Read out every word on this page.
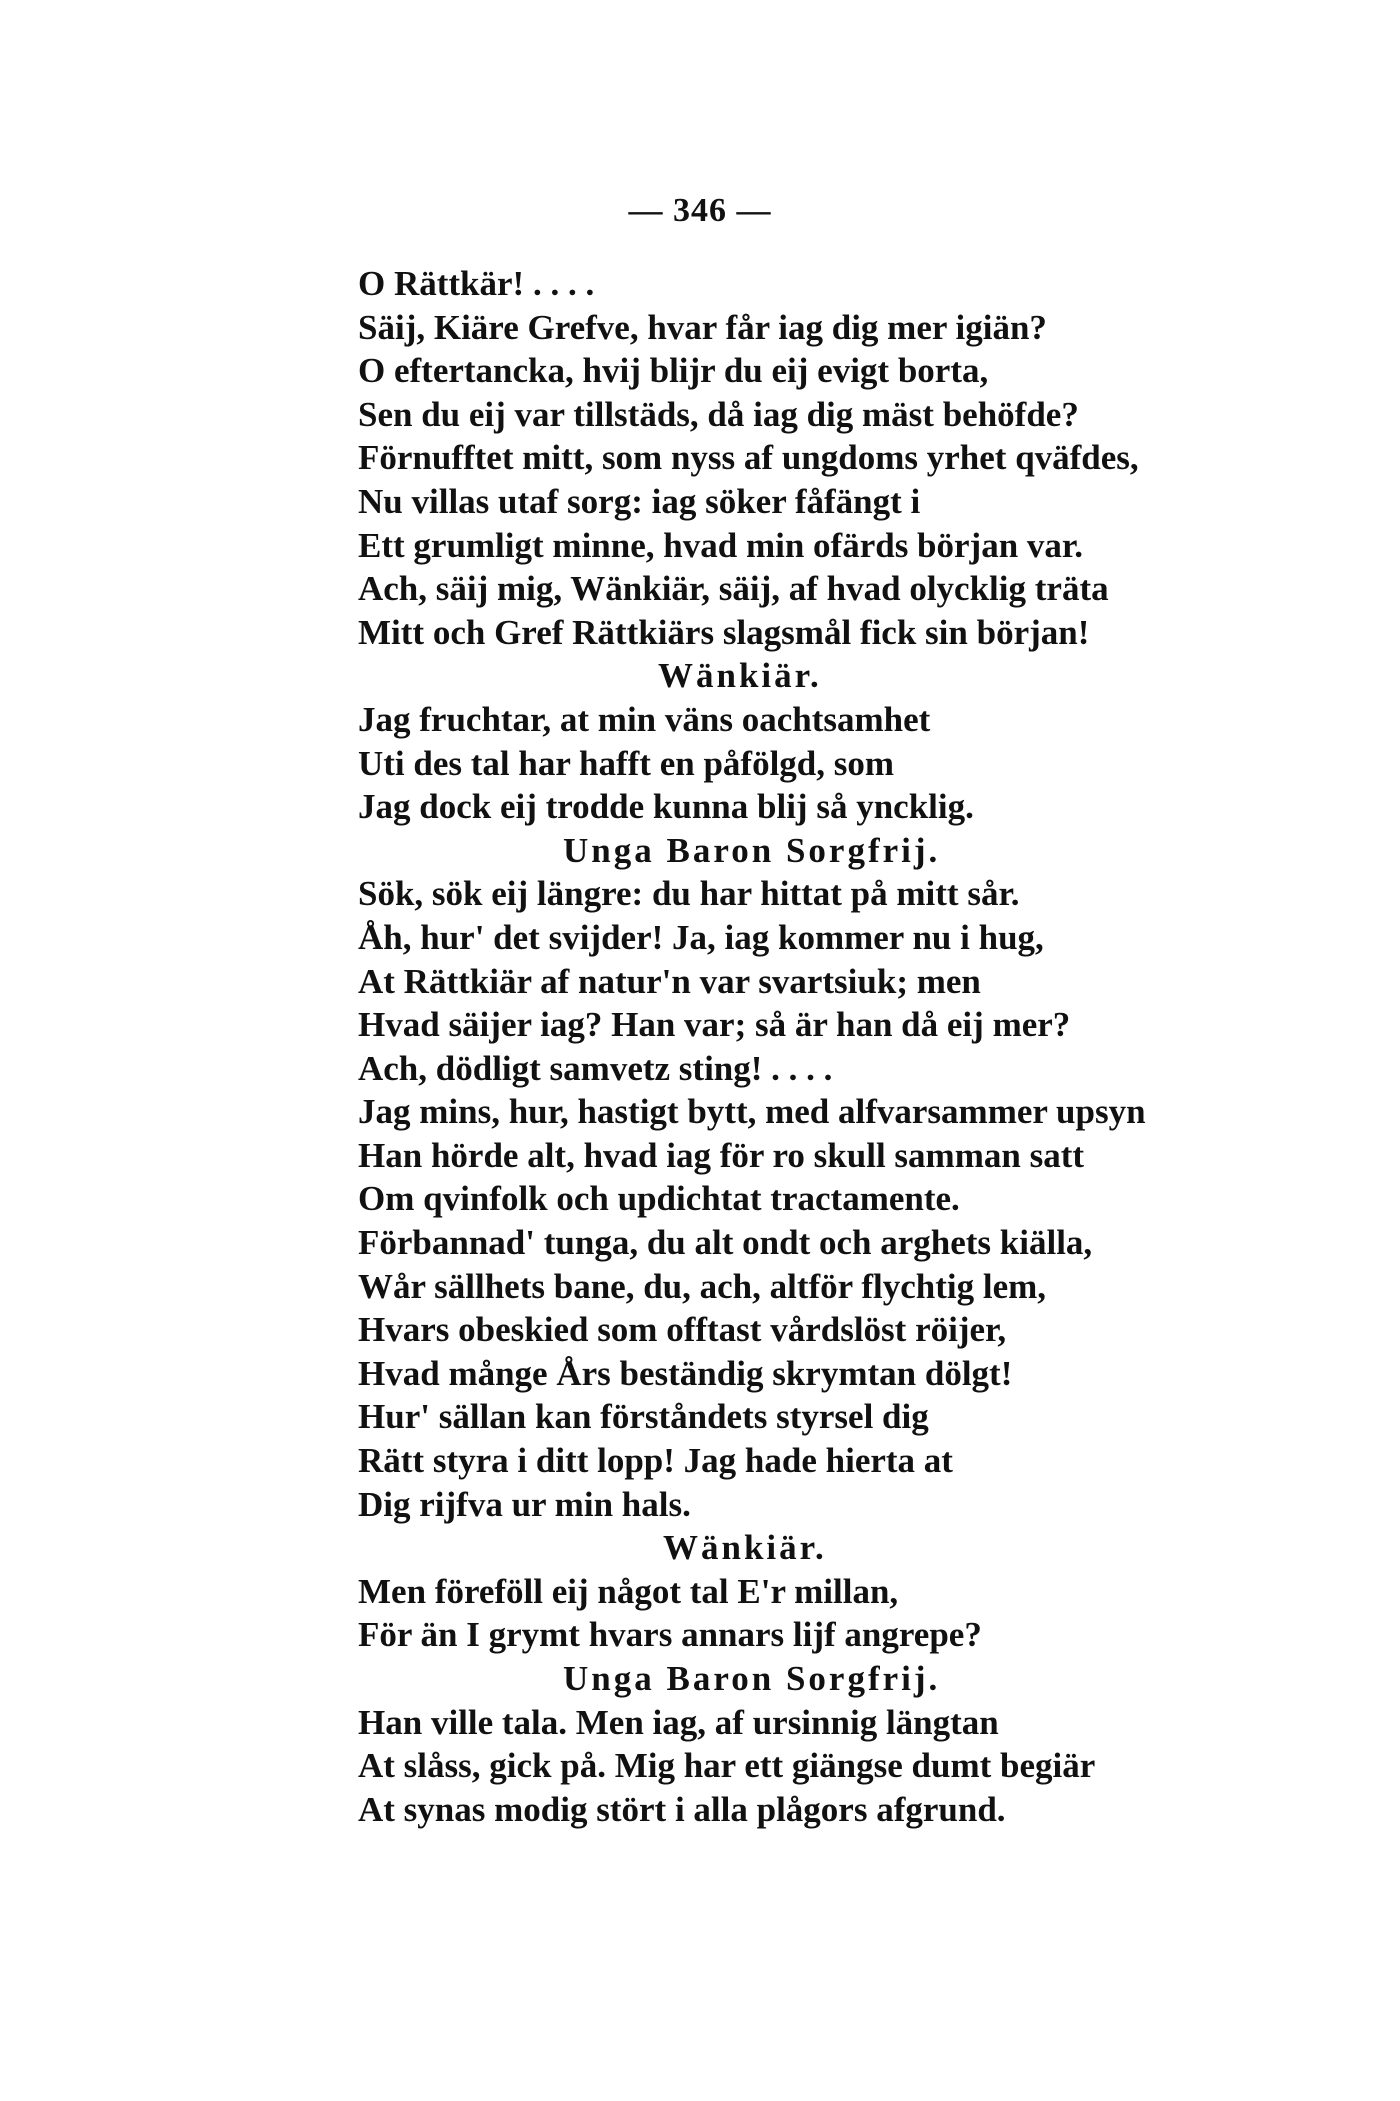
— 346 —
O Rättkär! . . . .
Säij, Kiäre Grefve, hvar får iag dig mer igiän?
O eftertancka, hvij blijr du eij evigt borta,
Sen du eij var tillstäds, då iag dig mäst behöfde?
Förnufftet mitt, som nyss af ungdoms yrhet qväfdes,
Nu villas utaf sorg: iag söker fåfängt i
Ett grumligt minne, hvad min ofärds början var.
Ach, säij mig, Wänkiär, säij, af hvad olycklig träta
Mitt och Gref Rättkiärs slagsmål fick sin början!
Wänkiär.
Jag fruchtar, at min väns oachtsamhet
Uti des tal har hafft en påfölgd, som
Jag dock eij trodde kunna blij så yncklig.
Unga Baron Sorgfrij.
Sök, sök eij längre: du har hittat på mitt sår.
Åh, hur' det svijder! Ja, iag kommer nu i hug,
At Rättkiär af natur'n var svartsiuk; men
Hvad säijer iag? Han var; så är han då eij mer?
Ach, dödligt samvetz sting! . . . .
Jag mins, hur, hastigt bytt, med alfvarsammer upsyn
Han hörde alt, hvad iag för ro skull samman satt
Om qvinfolk och updichtat tractamente.
Förbannad' tunga, du alt ondt och arghets kiälla,
Wår sällhets bane, du, ach, altför flychtig lem,
Hvars obeskied som offtast vårdslöst röijer,
Hvad månge Års beständig skrymtan dölgt!
Hur' sällan kan förståndets styrsel dig
Rätt styra i ditt lopp! Jag hade hierta at
Dig rijfva ur min hals.
Wänkiär.
Men föreföll eij något tal E'r millan,
För än I grymt hvars annars lijf angrepe?
Unga Baron Sorgfrij.
Han ville tala. Men iag, af ursinnig längtan
At slåss, gick på. Mig har ett giängse dumt begiär
At synas modig stört i alla plågors afgrund.
